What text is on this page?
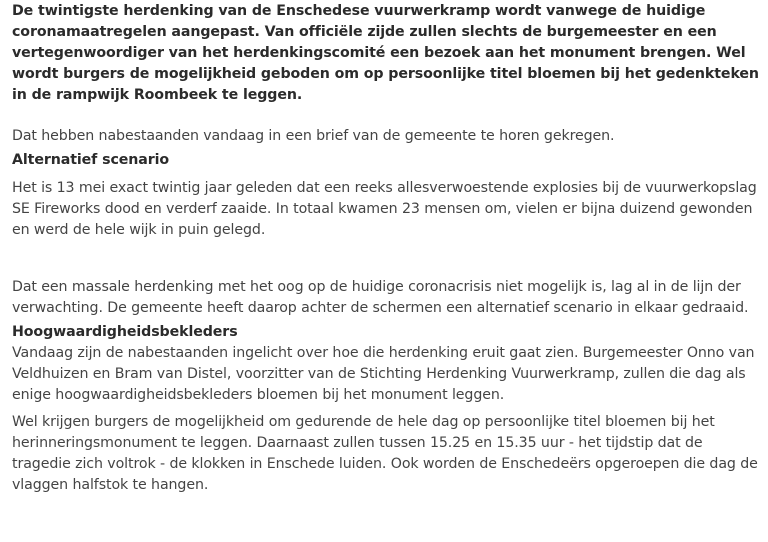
De twintigste herdenking van de Enschedese vuurwerkramp wordt vanwege de huidige coronamaatregelen aangepast. Van officiële zijde zullen slechts de burgemeester en een vertegenwoordiger van het herdenkingscomité een bezoek aan het monument brengen. Wel wordt burgers de mogelijkheid geboden om op persoonlijke titel bloemen bij het gedenkteken in de rampwijk Roombeek te leggen.

Dat hebben nabestaanden vandaag in een brief van de gemeente te horen gekregen.

Alternatief scenario

Het is 13 mei exact twintig jaar geleden dat een reeks allesverwoestende explosies bij de vuurwerkopslag SE Fireworks dood en verderf zaaide. In totaal kwamen 23 mensen om, vielen er bijna duizend gewonden en werd de hele wijk in puin gelegd.

Dat een massale herdenking met het oog op de huidige coronacrisis niet mogelijk is, lag al in de lijn der verwachting. De gemeente heeft daarop achter de schermen een alternatief scenario in elkaar gedraaid.

Hoogwaardigheidsbekleders

Vandaag zijn de nabestaanden ingelicht over hoe die herdenking eruit gaat zien. Burgemeester Onno van Veldhuizen en Bram van Distel, voorzitter van de Stichting Herdenking Vuurwerkramp, zullen die dag als enige hoogwaardigheidsbekleders bloemen bij het monument leggen.

Wel krijgen burgers de mogelijkheid om gedurende de hele dag op persoonlijke titel bloemen bij het herinneringsmonument te leggen. Daarnaast zullen tussen 15.25 en 15.35 uur - het tijdstip dat de tragedie zich voltrok - de klokken in Enschede luiden. Ook worden de Enschedeërs opgeroepen die dag de vlaggen halfstok te hangen.
